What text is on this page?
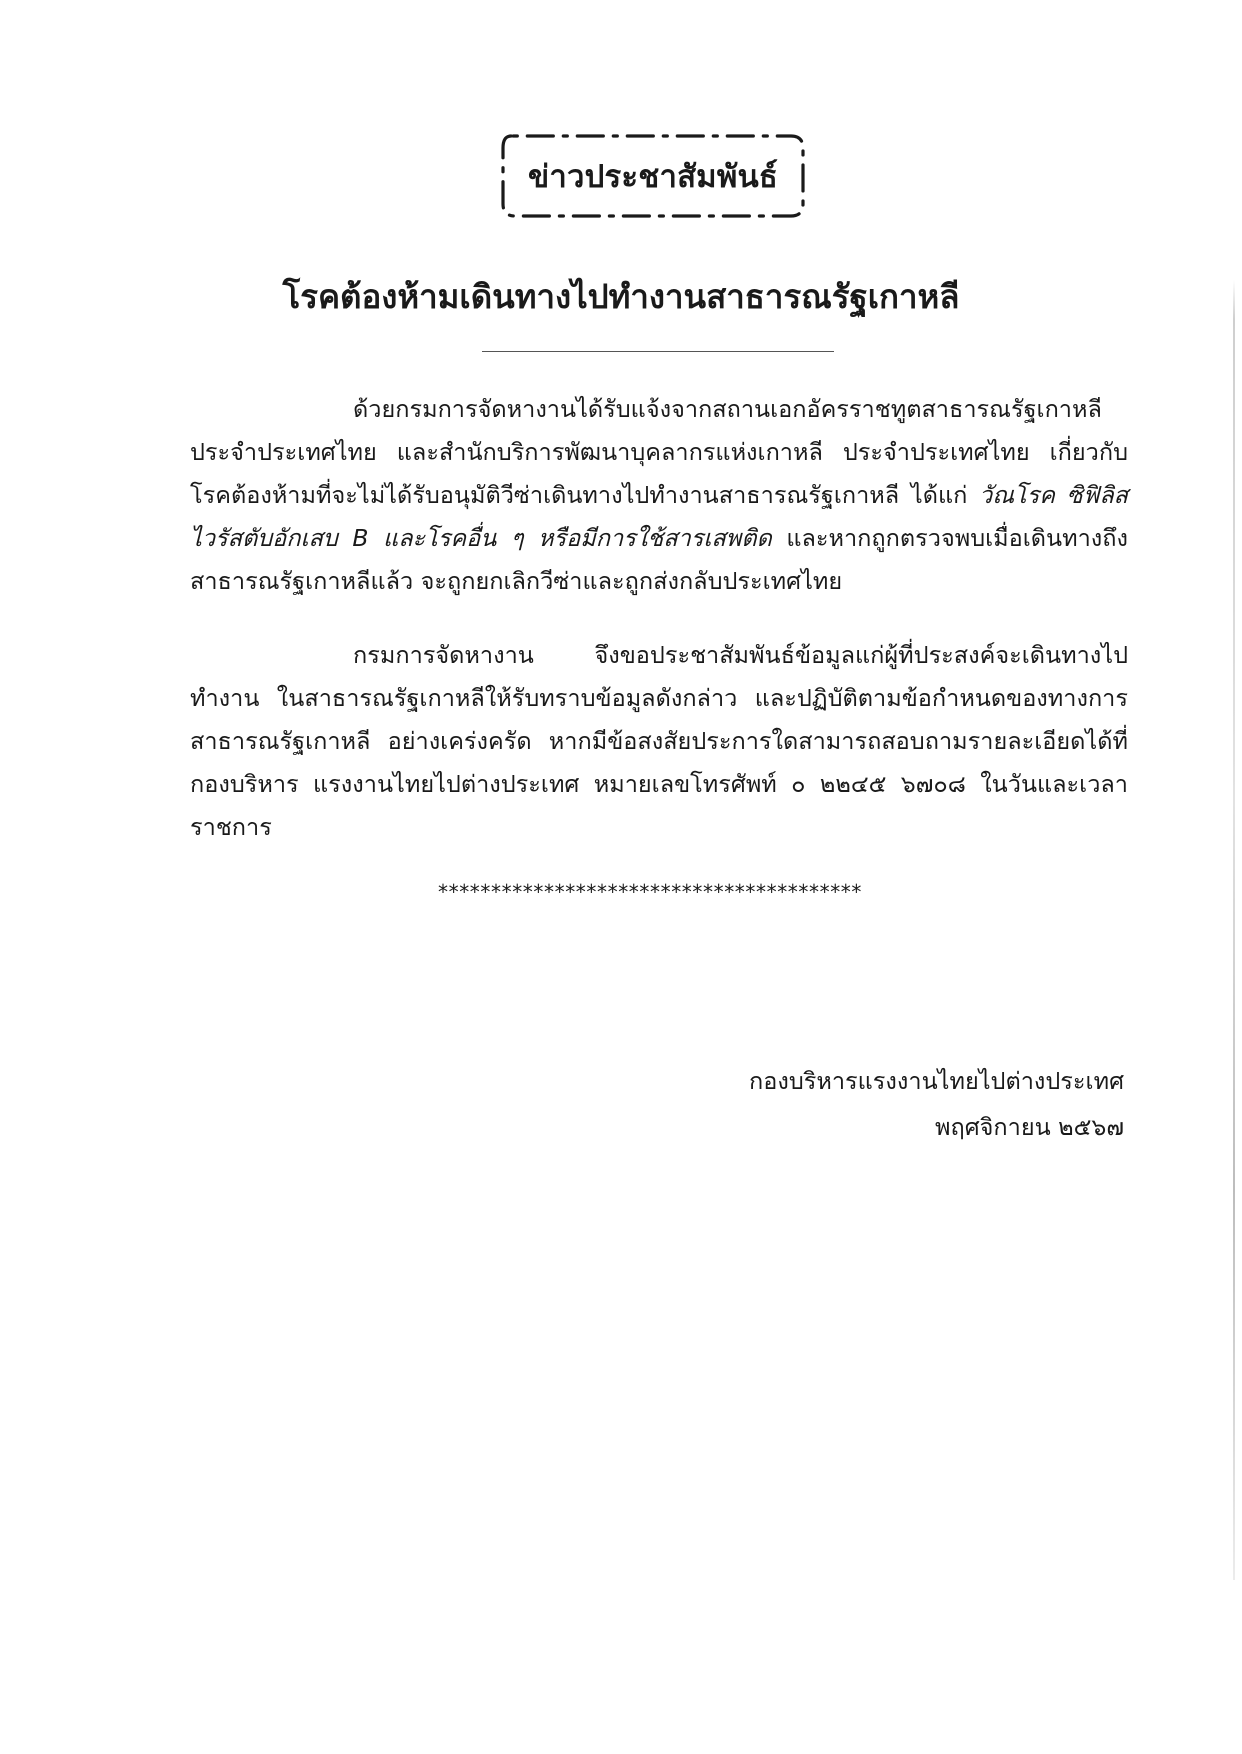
ข่าวประชาสัมพันธ์
โรคต้องห้ามเดินทางไปทำงานสาธารณรัฐเกาหลี

ด้วยกรมการจัดหางานได้รับแจ้งจากสถานเอกอัครราชทูตสาธารณรัฐเกาหลี ประจำประเทศไทย และสำนักบริการพัฒนาบุคลากรแห่งเกาหลี ประจำประเทศไทย เกี่ยวกับ โรคต้องห้ามที่จะไม่ได้รับอนุมัติวีซ่าเดินทางไปทำงานสาธารณรัฐเกาหลี ได้แก่ วัณโรค ซิฟิลิส ไวรัสตับอักเสบ B และโรคอื่น ๆ หรือมีการใช้สารเสพติด และหากถูกตรวจพบเมื่อเดินทางถึง สาธารณรัฐเกาหลีแล้ว จะถูกยกเลิกวีซ่าและถูกส่งกลับประเทศไทย

กรมการจัดหางาน จึงขอประชาสัมพันธ์ข้อมูลแก่ผู้ที่ประสงค์จะเดินทางไปทำงาน ในสาธารณรัฐเกาหลีให้รับทราบข้อมูลดังกล่าว และปฏิบัติตามข้อกำหนดของทางการสาธารณรัฐเกาหลี อย่างเคร่งครัด หากมีข้อสงสัยประการใดสามารถสอบถามรายละเอียดได้ที่กองบริหาร แรงงานไทยไปต่างประเทศ หมายเลขโทรศัพท์ ๐ ๒๒๔๕ ๖๗๐๘ ในวันและเวลาราชการ

****************************************
กองบริหารแรงงานไทยไปต่างประเทศ
พฤศจิกายน ๒๕๖๗
